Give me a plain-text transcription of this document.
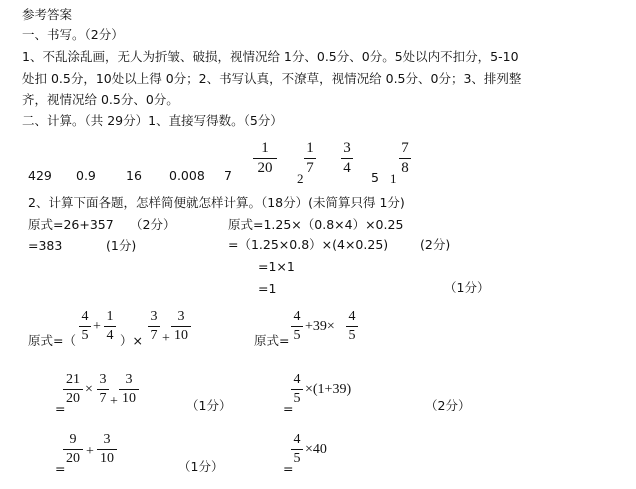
参考答案
一、书写。（2分）
1、不乱涂乱画，无人为折皱、破损，视情况给 1分、0.5分、0分。5处以内不扣分，5-10
处扣 0.5分，10处以上得 0分；2、书写认真，不潦草，视情况给 0.5分、0分；3、排列整
齐，视情况给 0.5分、0分。
二、计算。（共 29分）1、直接写得数。（5分）
429 0.9 16 0.008 7
1
20
2
1
7
3
4
5 1
7
8
2、计算下面各题，怎样简便就怎样计算。（18分）(未简算只得 1分)
原式=26+357 （2分）
=383	(1分)
原式=1.25×（0.8×4）×0.25
=（1.25×0.8）×(4×0.25)	(2分)
=1×1
=1	（1分）
原式=（
4
5
+
1
4 ）×
3
7 +
3
10
=
21
20
×
3
7 +
3
10	（1分）
=
9
20 +
3
10
（1分）
原式=
4
5
+39×
4
5
=
4
5
×(1+39)
（2分）
=
4
5
×40
